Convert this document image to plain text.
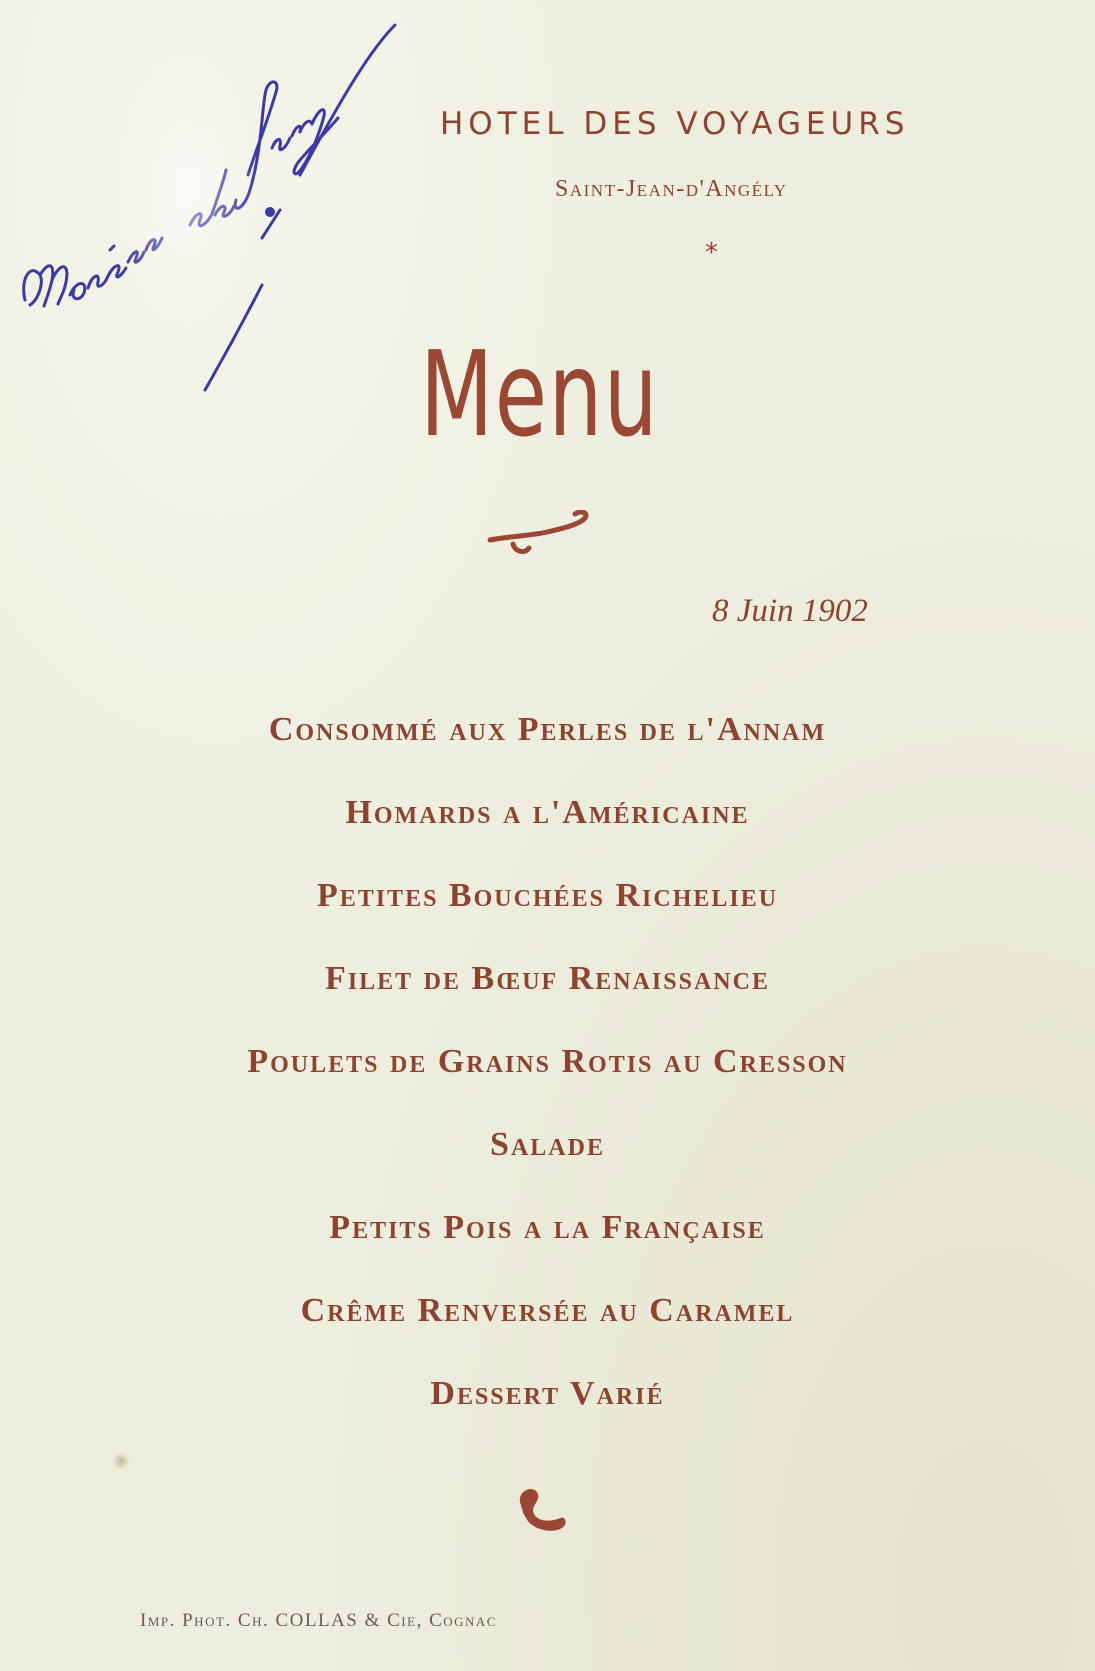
HOTEL DES VOYAGEURS
Saint-Jean-d'Angély
*
Menu
8 Juin 1902
Consommé aux Perles de l'Annam
Homards a l'Américaine
Petites Bouchées Richelieu
Filet de Bœuf Renaissance
Poulets de Grains Rotis au Cresson
Salade
Petits Pois a la Française
Crême Renversée au Caramel
Dessert Varié
Imp. Phot. Ch. COLLAS & Cie, Cognac
